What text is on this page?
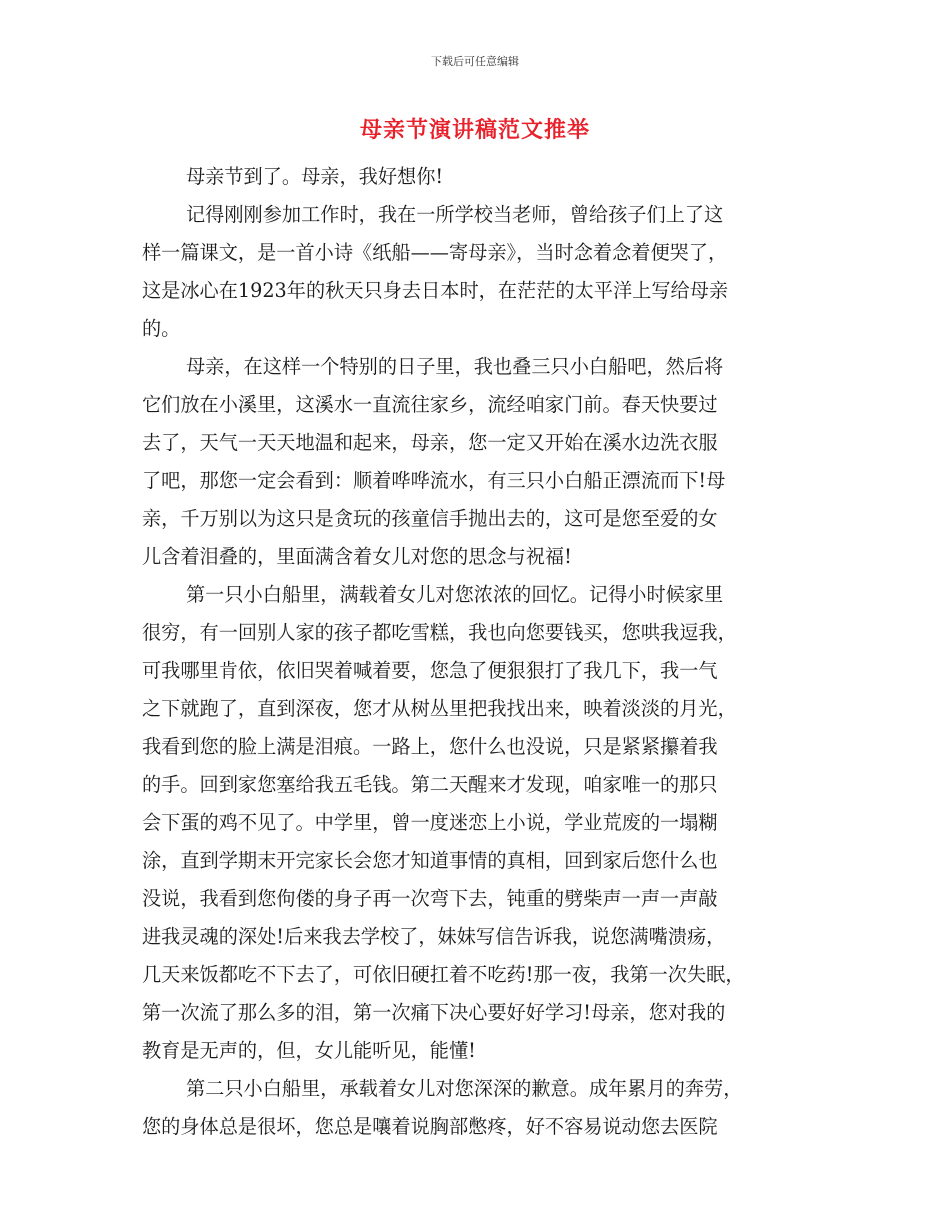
下载后可任意编辑
母亲节演讲稿范文推举
母亲节到了。母亲，我好想你!
记得刚刚参加工作时，我在一所学校当老师，曾给孩子们上了这
样一篇课文，是一首小诗《纸船——寄母亲》，当时念着念着便哭了，
这是冰心在1923年的秋天只身去日本时，在茫茫的太平洋上写给母亲
的。
母亲，在这样一个特别的日子里，我也叠三只小白船吧，然后将
它们放在小溪里，这溪水一直流往家乡，流经咱家门前。春天快要过
去了，天气一天天地温和起来，母亲，您一定又开始在溪水边洗衣服
了吧，那您一定会看到：顺着哗哗流水，有三只小白船正漂流而下!母
亲，千万别以为这只是贪玩的孩童信手抛出去的，这可是您至爱的女
儿含着泪叠的，里面满含着女儿对您的思念与祝福!
第一只小白船里，满载着女儿对您浓浓的回忆。记得小时候家里
很穷，有一回别人家的孩子都吃雪糕，我也向您要钱买，您哄我逗我，
可我哪里肯依，依旧哭着喊着要，您急了便狠狠打了我几下，我一气
之下就跑了，直到深夜，您才从树丛里把我找出来，映着淡淡的月光，
我看到您的脸上满是泪痕。一路上，您什么也没说，只是紧紧攥着我
的手。回到家您塞给我五毛钱。第二天醒来才发现，咱家唯一的那只
会下蛋的鸡不见了。中学里，曾一度迷恋上小说，学业荒废的一塌糊
涂，直到学期末开完家长会您才知道事情的真相，回到家后您什么也
没说，我看到您佝偻的身子再一次弯下去，钝重的劈柴声一声一声敲
进我灵魂的深处!后来我去学校了，妹妹写信告诉我，说您满嘴溃疡，
几天来饭都吃不下去了，可依旧硬扛着不吃药!那一夜，我第一次失眠，
第一次流了那么多的泪，第一次痛下决心要好好学习!母亲，您对我的
教育是无声的，但，女儿能听见，能懂!
第二只小白船里，承载着女儿对您深深的歉意。成年累月的奔劳，
您的身体总是很坏，您总是嚷着说胸部憋疼，好不容易说动您去医院
